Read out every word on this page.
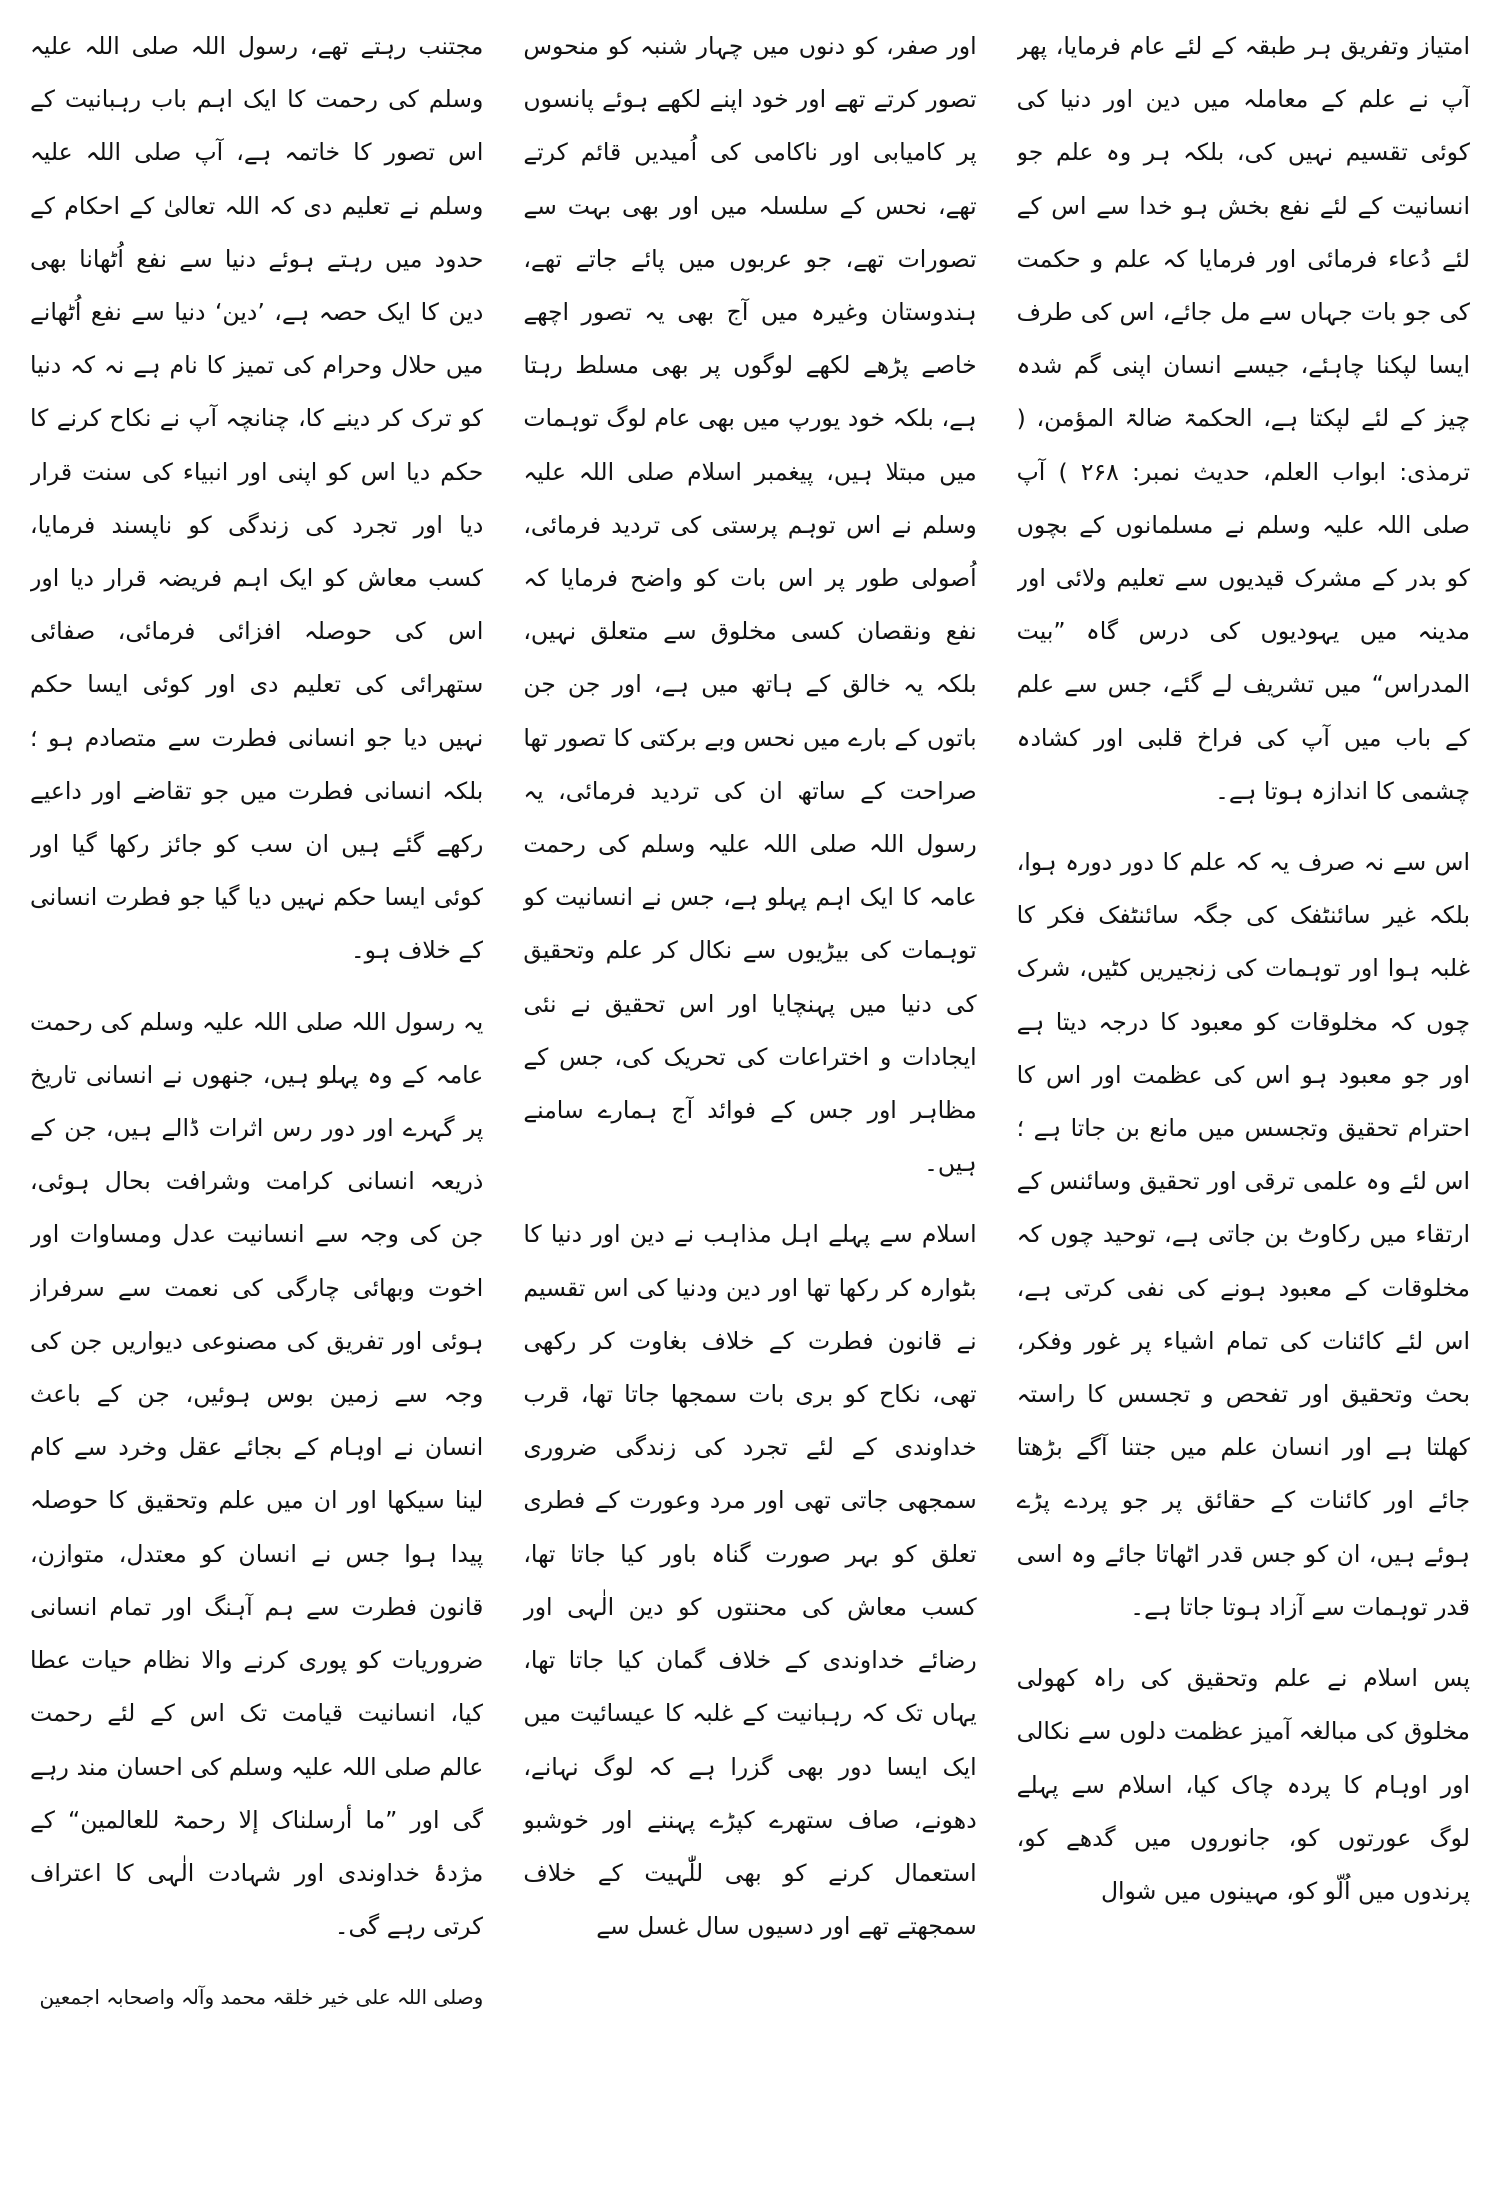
امتیاز وتفریق ہر طبقہ کے لئے عام فرمایا، پھر آپ نے علم کے معاملہ میں دین اور دنیا کی کوئی تقسیم نہیں کی، بلکہ ہر وہ علم جو انسانیت کے لئے نفع بخش ہو خدا سے اس کے لئے دُعاء فرمائی اور فرمایا کہ علم و حکمت کی جو بات جہاں سے مل جائے، اس کی طرف ایسا لپکنا چاہئے، جیسے انسان اپنی گم شدہ چیز کے لئے لپکتا ہے، الحکمۃ ضالۃ المؤمن، ( ترمذی: ابواب العلم، حدیث نمبر: ۲۶۸ ) آپ صلی اللہ علیہ وسلم نے مسلمانوں کے بچوں کو بدر کے مشرک قیدیوں سے تعلیم ولائی اور مدینہ میں یہودیوں کی درس گاہ ”بیت المدراس“ میں تشریف لے گئے، جس سے علم کے باب میں آپ کی فراخ قلبی اور کشادہ چشمی کا اندازہ ہوتا ہے۔

اس سے نہ صرف یہ کہ علم کا دور دورہ ہوا، بلکہ غیر سائنٹفک کی جگہ سائنٹفک فکر کا غلبہ ہوا اور توہمات کی زنجیریں کٹیں، شرک چوں کہ مخلوقات کو معبود کا درجہ دیتا ہے اور جو معبود ہو اس کی عظمت اور اس کا احترام تحقیق وتجسس میں مانع بن جاتا ہے ؛ اس لئے وہ علمی ترقی اور تحقیق وسائنس کے ارتقاء میں رکاوٹ بن جاتی ہے، توحید چوں کہ مخلوقات کے معبود ہونے کی نفی کرتی ہے، اس لئے کائنات کی تمام اشیاء پر غور وفکر، بحث وتحقیق اور تفحص و تجسس کا راستہ کھلتا ہے اور انسان علم میں جتنا آگے بڑھتا جائے اور کائنات کے حقائق پر جو پردے پڑے ہوئے ہیں، ان کو جس قدر اٹھاتا جائے وہ اسی قدر توہمات سے آزاد ہوتا جاتا ہے۔

پس اسلام نے علم وتحقیق کی راہ کھولی مخلوق کی مبالغہ آمیز عظمت دلوں سے نکالی اور اوہام کا پردہ چاک کیا، اسلام سے پہلے لوگ عورتوں کو، جانوروں میں گدھے کو، پرندوں میں اُلّو کو، مہینوں میں شوال

اور صفر، کو دنوں میں چہار شنبہ کو منحوس تصور کرتے تھے اور خود اپنے لکھے ہوئے پانسوں پر کامیابی اور ناکامی کی اُمیدیں قائم کرتے تھے، نحس کے سلسلہ میں اور بھی بہت سے تصورات تھے، جو عربوں میں پائے جاتے تھے، ہندوستان وغیرہ میں آج بھی یہ تصور اچھے خاصے پڑھے لکھے لوگوں پر بھی مسلط رہتا ہے، بلکہ خود یورپ میں بھی عام لوگ توہمات میں مبتلا ہیں، پیغمبر اسلام صلی اللہ علیہ وسلم نے اس توہم پرستی کی تردید فرمائی، اُصولی طور پر اس بات کو واضح فرمایا کہ نفع ونقصان کسی مخلوق سے متعلق نہیں، بلکہ یہ خالق کے ہاتھ میں ہے، اور جن جن باتوں کے بارے میں نحس وبے برکتی کا تصور تھا صراحت کے ساتھ ان کی تردید فرمائی، یہ رسول اللہ صلی اللہ علیہ وسلم کی رحمت عامہ کا ایک اہم پہلو ہے، جس نے انسانیت کو توہمات کی بیڑیوں سے نکال کر علم وتحقیق کی دنیا میں پہنچایا اور اس تحقیق نے نئی ایجادات و اختراعات کی تحریک کی، جس کے مظاہر اور جس کے فوائد آج ہمارے سامنے ہیں۔

اسلام سے پہلے اہل مذاہب نے دین اور دنیا کا بٹوارہ کر رکھا تھا اور دین ودنیا کی اس تقسیم نے قانون فطرت کے خلاف بغاوت کر رکھی تھی، نکاح کو بری بات سمجھا جاتا تھا، قرب خداوندی کے لئے تجرد کی زندگی ضروری سمجھی جاتی تھی اور مرد وعورت کے فطری تعلق کو بہر صورت گناہ باور کیا جاتا تھا، کسب معاش کی محنتوں کو دین الٰہی اور رضائے خداوندی کے خلاف گمان کیا جاتا تھا، یہاں تک کہ رہبانیت کے غلبہ کا عیسائیت میں ایک ایسا دور بھی گزرا ہے کہ لوگ نہانے، دھونے، صاف ستھرے کپڑے پہننے اور خوشبو استعمال کرنے کو بھی للّٰہیت کے خلاف سمجھتے تھے اور دسیوں سال غسل سے

مجتنب رہتے تھے، رسول اللہ صلی اللہ علیہ وسلم کی رحمت کا ایک اہم باب رہبانیت کے اس تصور کا خاتمہ ہے، آپ صلی اللہ علیہ وسلم نے تعلیم دی کہ اللہ تعالیٰ کے احکام کے حدود میں رہتے ہوئے دنیا سے نفع اُٹھانا بھی دین کا ایک حصہ ہے، ’دین‘ دنیا سے نفع اُٹھانے میں حلال وحرام کی تمیز کا نام ہے نہ کہ دنیا کو ترک کر دینے کا، چنانچہ آپ نے نکاح کرنے کا حکم دیا اس کو اپنی اور انبیاء کی سنت قرار دیا اور تجرد کی زندگی کو ناپسند فرمایا، کسب معاش کو ایک اہم فریضہ قرار دیا اور اس کی حوصلہ افزائی فرمائی، صفائی ستھرائی کی تعلیم دی اور کوئی ایسا حکم نہیں دیا جو انسانی فطرت سے متصادم ہو ؛ بلکہ انسانی فطرت میں جو تقاضے اور داعیے رکھے گئے ہیں ان سب کو جائز رکھا گیا اور کوئی ایسا حکم نہیں دیا گیا جو فطرت انسانی کے خلاف ہو۔

یہ رسول اللہ صلی اللہ علیہ وسلم کی رحمت عامہ کے وہ پہلو ہیں، جنھوں نے انسانی تاریخ پر گہرے اور دور رس اثرات ڈالے ہیں، جن کے ذریعہ انسانی کرامت وشرافت بحال ہوئی، جن کی وجہ سے انسانیت عدل ومساوات اور اخوت وبھائی چارگی کی نعمت سے سرفراز ہوئی اور تفریق کی مصنوعی دیواریں جن کی وجہ سے زمین بوس ہوئیں، جن کے باعث انسان نے اوہام کے بجائے عقل وخرد سے کام لینا سیکھا اور ان میں علم وتحقیق کا حوصلہ پیدا ہوا جس نے انسان کو معتدل، متوازن، قانون فطرت سے ہم آہنگ اور تمام انسانی ضروریات کو پوری کرنے والا نظام حیات عطا کیا، انسانیت قیامت تک اس کے لئے رحمت عالم صلی اللہ علیہ وسلم کی احسان مند رہے گی اور ”ما أرسلناک إلا رحمۃ للعالمین“ کے مژدۂ خداوندی اور شہادت الٰہی کا اعتراف کرتی رہے گی۔

وصلی اللہ علی خیر خلقہ محمد وآلہ واصحابہ اجمعین
